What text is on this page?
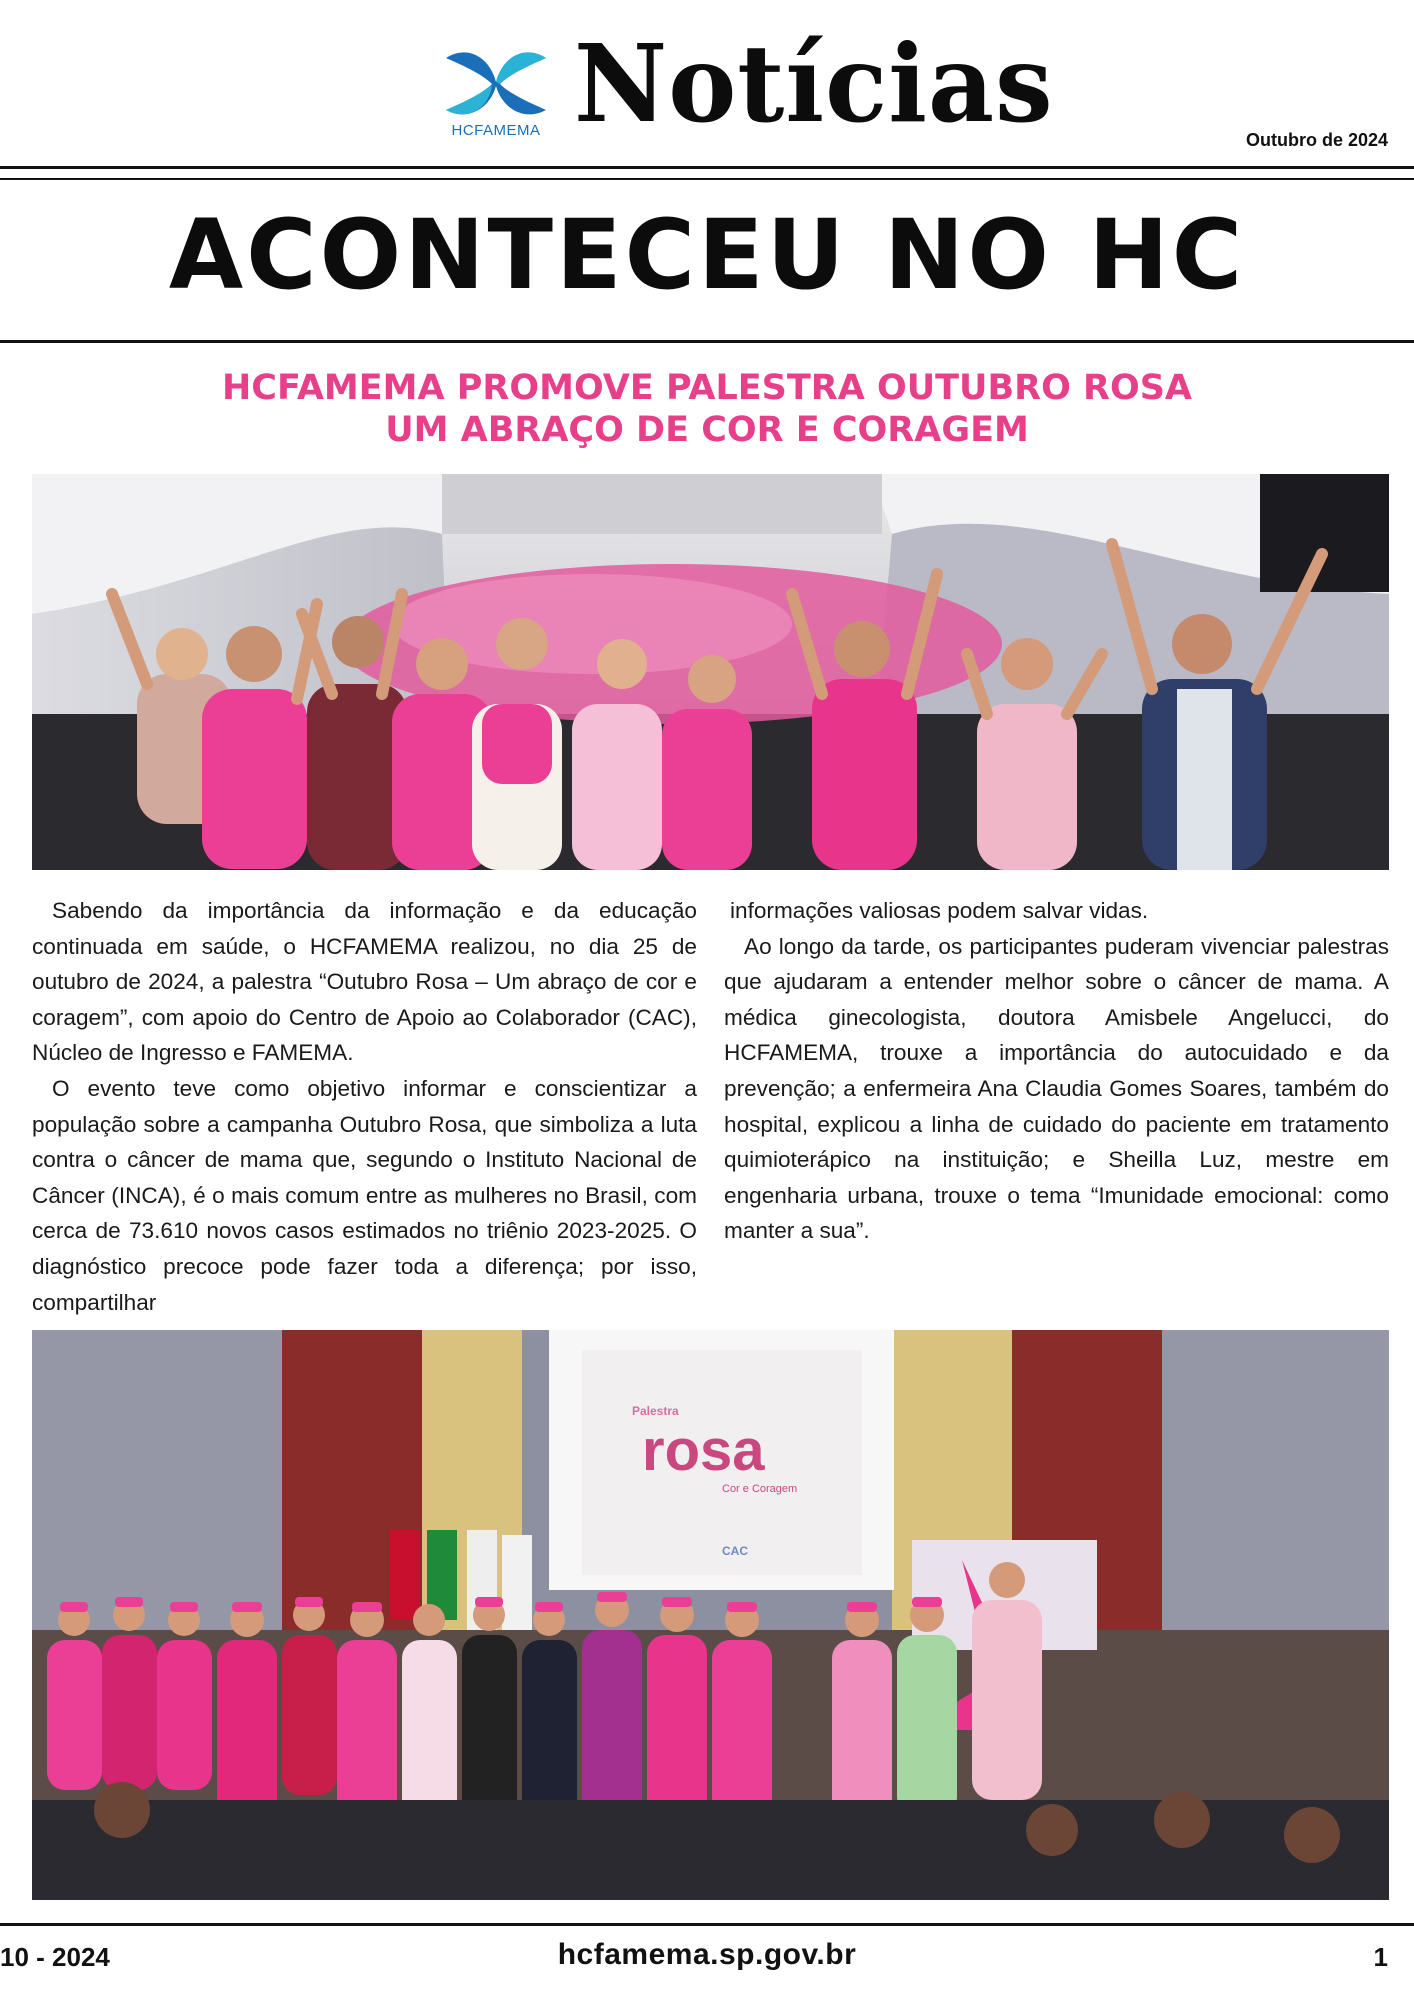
HCFAMEMA Notícias	Outubro de 2024
ACONTECEU NO HC
HCFAMEMA PROMOVE PALESTRA OUTUBRO ROSA
UM ABRAÇO DE COR E CORAGEM

Sabendo da importância da informação e da educação continuada em saúde, o HCFAMEMA realizou, no dia 25 de outubro de 2024, a palestra “Outubro Rosa – Um abraço de cor e coragem”, com apoio do Centro de Apoio ao Colaborador (CAC), Núcleo de Ingresso e FAMEMA.

O evento teve como objetivo informar e conscientizar a população sobre a campanha Outubro Rosa, que simboliza a luta contra o câncer de mama que, segundo o Instituto Nacional de Câncer (INCA), é o mais comum entre as mulheres no Brasil, com cerca de 73.610 novos casos estimados no triênio 2023-2025. O diagnóstico precoce pode fazer toda a diferença; por isso, compartilhar

informações valiosas podem salvar vidas.

Ao longo da tarde, os participantes puderam vivenciar palestras que ajudaram a entender melhor sobre o câncer de mama. A médica ginecologista, doutora Amisbele Angelucci, do HCFAMEMA, trouxe a importância do autocuidado e da prevenção; a enfermeira Ana Claudia Gomes Soares, também do hospital, explicou a linha de cuidado do paciente em tratamento quimioterápico na instituição; e Sheilla Luz, mestre em engenharia urbana, trouxe o tema “Imunidade emocional: como manter a sua”.

Palestra
rosa
Cor e Coragem
CAC
10 - 2024	hcfamema.sp.gov.br	1
